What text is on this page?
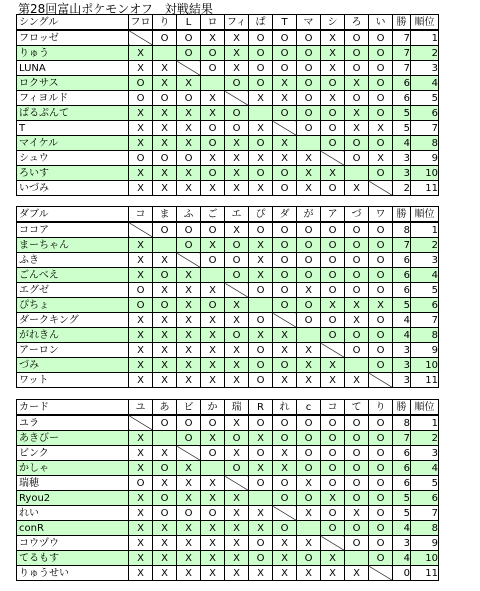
第28回富山ポケモンオフ　対戦結果
シングル	フロ	り	L	ロ	フィ	ぱ	T	マ	シ	ろ	い	勝	順位
フロッゼ		O	O	X	X	O	O	O	X	O	O	7	1
りゅう	X		O	O	X	O	O	O	X	O	O	7	2
LUNA	X	X		O	X	O	O	O	X	O	O	7	3
ロクサス	O	X	X		O	O	X	O	O	X	O	6	4
フィヨルド	O	O	O	X		X	X	O	X	O	O	6	5
ぱるぷんて	X	X	X	X	O		O	O	O	X	O	5	6
T	X	X	X	O	O	X		O	O	X	X	5	7
マイケル	X	X	X	O	X	O	X		O	O	O	4	8
シュウ	O	O	O	X	X	X	X	X		O	X	3	9
ろいす	X	X	X	O	X	O	O	X	X		O	3	10
いづみ	X	X	X	X	X	X	O	X	O	X		2	11
ダブル	コ	ま	ふ	ご	エ	ぴ	ダ	が	ア	づ	ワ	勝	順位
ココア		O	O	O	X	O	O	O	O	O	O	8	1
まーちゃん	X		O	X	O	X	O	O	O	O	O	7	2
ふき	X	X		O	O	X	O	O	O	O	O	6	3
ごんべえ	X	O	X		O	X	O	O	O	O	O	6	4
エグゼ	O	X	X	X		O	O	X	O	O	O	6	5
ぴちょ	O	O	X	O	X		O	O	X	X	X	5	6
ダークキング	X	X	X	X	X	O		O	O	X	O	4	7
がれきん	X	X	X	X	O	X	X		O	O	O	4	8
アーロン	X	X	X	X	X	O	X	X		O	O	3	9
づみ	X	X	X	X	X	O	O	X	X		O	3	10
ワット	X	X	X	X	X	O	X	X	X	X		3	11
カード	ユ	あ	ビ	か	瑞	R	れ	c	コ	て	り	勝	順位
ユラ		O	O	O	X	O	O	O	O	O	O	8	1
あきびー	X		O	X	O	X	O	O	O	O	O	7	2
ビンク	X	X		O	X	O	X	O	O	O	O	6	3
かしゃ	X	O	X		O	X	X	O	O	O	O	6	4
瑞穂	O	X	X	X		O	O	X	O	O	O	6	5
Ryou2	X	O	X	X	X		O	O	X	O	O	5	6
れい	X	O	O	O	X	X		X	O	X	O	5	7
conR	X	X	X	X	X	X	O		O	O	O	4	8
コウヅウ	X	X	X	X	X	O	X	X		O	O	3	9
てるもす	X	X	X	X	X	O	X	O	X		O	4	10
りゅうせい	X	X	X	X	X	X	X	X	X	X		0	11
